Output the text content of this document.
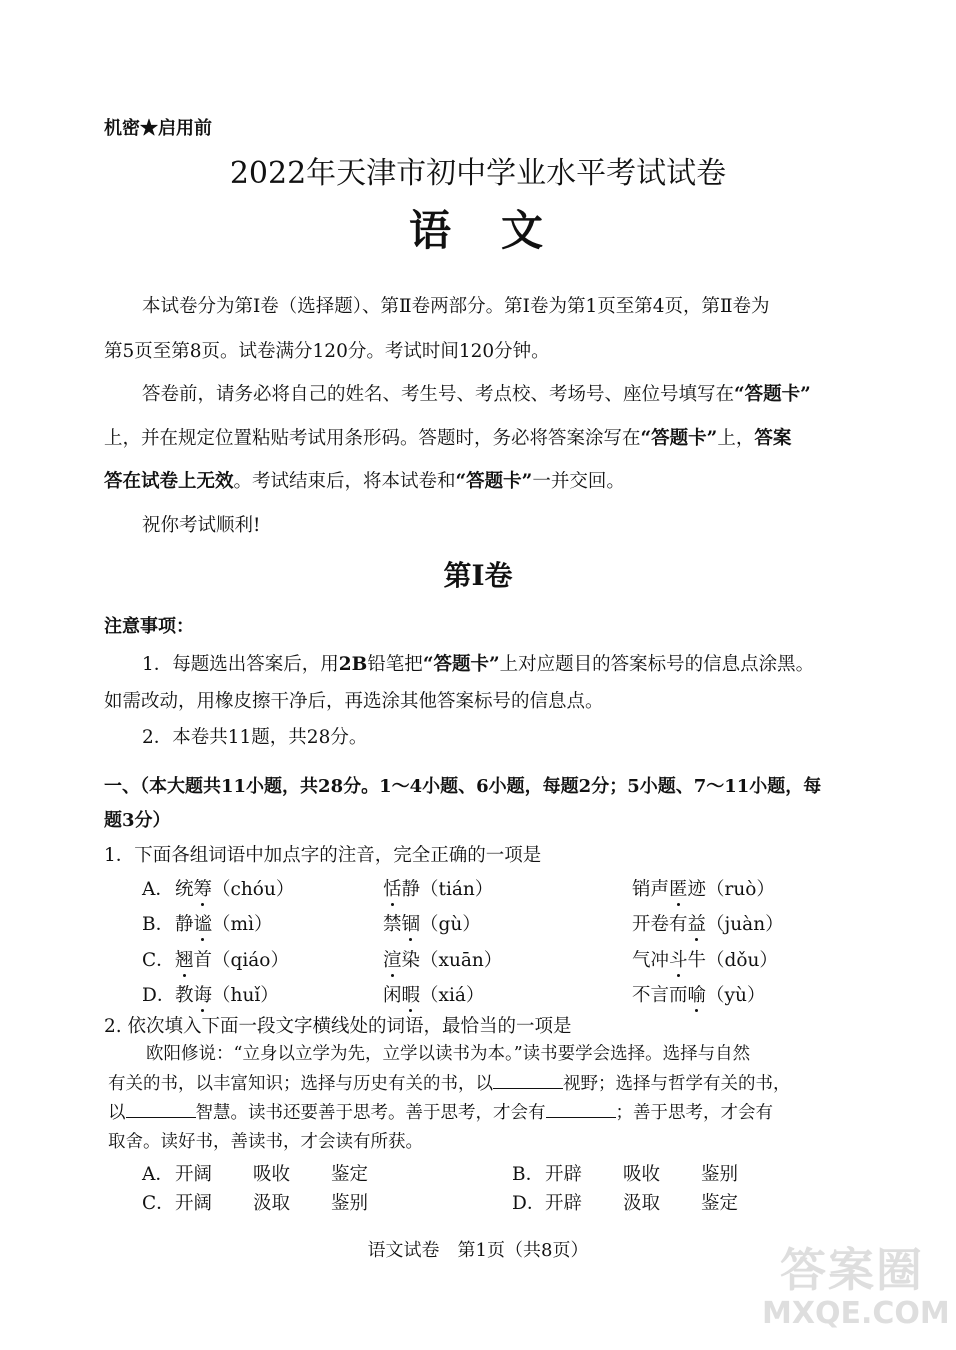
机密★启用前
2022年天津市初中学业水平考试试卷
语　文
本试卷分为第Ⅰ卷（选择题）、第Ⅱ卷两部分。第Ⅰ卷为第1页至第4页，第Ⅱ卷为
第5页至第8页。试卷满分120分。考试时间120分钟。
答卷前，请务必将自己的姓名、考生号、考点校、考场号、座位号填写在“答题卡”
上，并在规定位置粘贴考试用条形码。答题时，务必将答案涂写在“答题卡”上，答案
答在试卷上无效。考试结束后，将本试卷和“答题卡”一并交回。
祝你考试顺利!
第Ⅰ卷
注意事项：
1．每题选出答案后，用2B铅笔把“答题卡”上对应题目的答案标号的信息点涂黑。
如需改动，用橡皮擦干净后，再选涂其他答案标号的信息点。
2．本卷共11题，共28分。
一、（本大题共11小题，共28分。1～4小题、6小题，每题2分；5小题、7～11小题，每
题3分）
1．下面各组词语中加点字的注音，完全正确的一项是
A． 统筹（chóu）	恬静（tián）	销声匿迹（ruò）
B． 静谧（mì）	禁锢（gù）	开卷有益（juàn）
C． 翘首（qiáo）	渲染（xuān）	气冲斗牛（dǒu）
D． 教诲（huǐ）	闲暇（xiá）	不言而喻（yù）
2. 依次填入下面一段文字横线处的词语，最恰当的一项是
欧阳修说：“立身以立学为先，立学以读书为本。”读书要学会选择。选择与自然
有关的书，以丰富知识；选择与历史有关的书，以	视野；选择与哲学有关的书，
以	智慧。读书还要善于思考。善于思考，才会有	；善于思考，才会有
取舍。读好书，善读书，才会读有所获。
A． 开阔 吸收 鉴定	B． 开辟 吸收 鉴别
C． 开阔 汲取 鉴别	D． 开辟 汲取 鉴定
语文试卷　第1页（共8页）	答案圈
MXQE.COM
